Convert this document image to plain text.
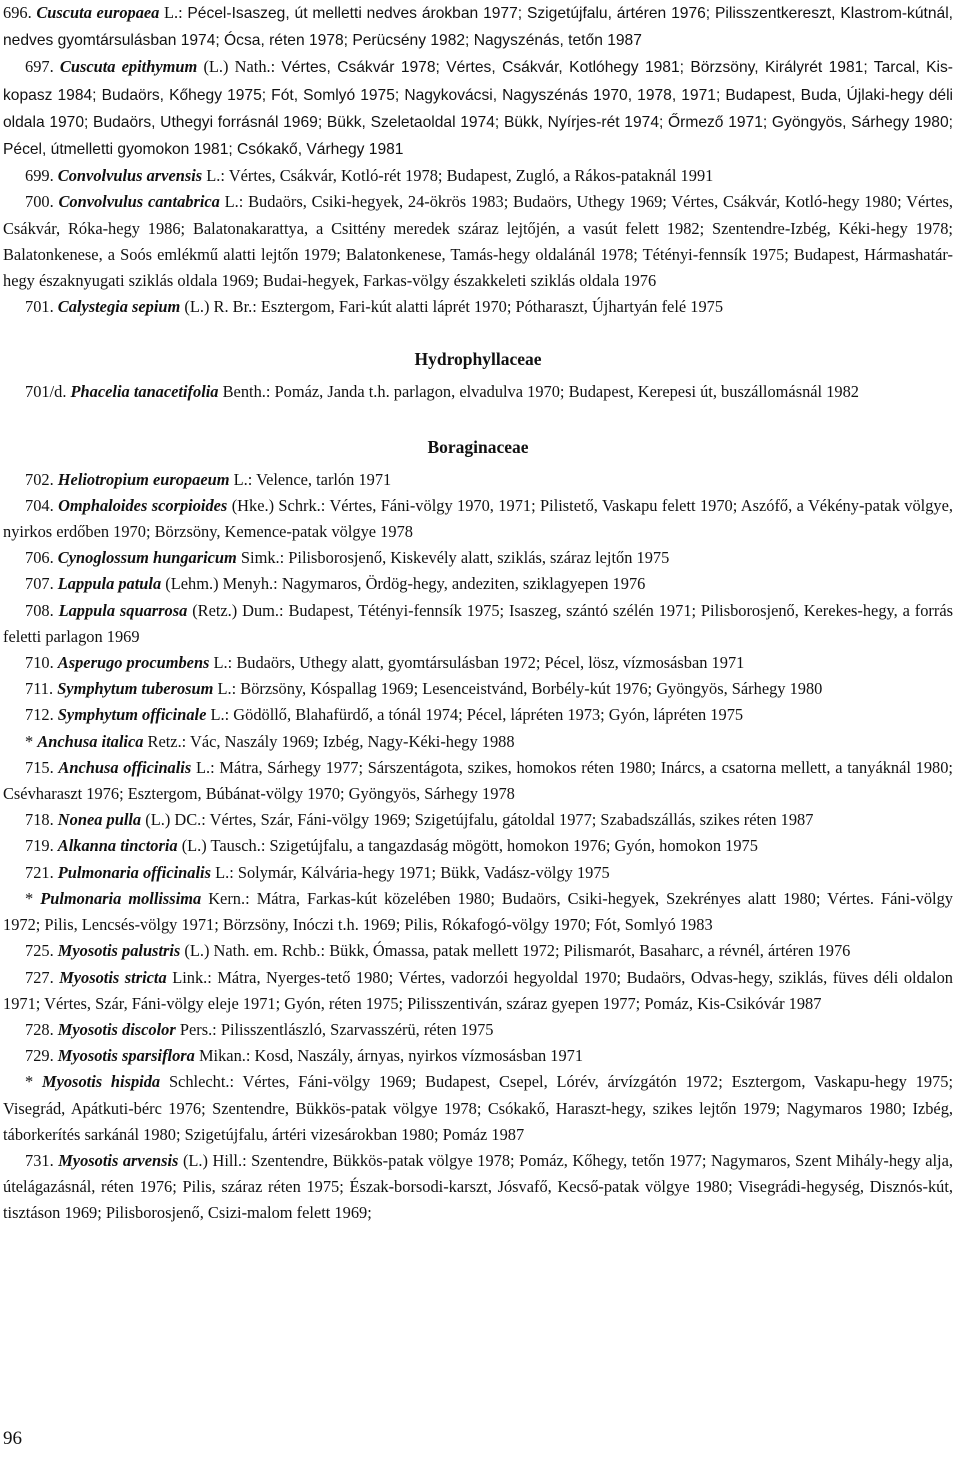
696. Cuscuta europaea L.: Pécel-Isaszeg, út melletti nedves árokban 1977; Szigetújfalu, ártéren 1976; Pilisszentkereszt, Klastrom-kútnál, nedves gyomtársulásban 1974; Ócsa, réten 1978; Perücsény 1982; Nagyszénás, tetőn 1987

697. Cuscuta epithymum (L.) Nath.: Vértes, Csákvár 1978; Vértes, Csákvár, Kotlóhegy 1981; Börzsöny, Királyrét 1981; Tarcal, Kis-kopasz 1984; Budaörs, Kőhegy 1975; Fót, Somlyó 1975; Nagykovácsi, Nagyszénás 1970, 1978, 1971; Budapest, Buda, Újlaki-hegy déli oldala 1970; Budaörs, Uthegyi forrásnál 1969; Bükk, Szeletaoldal 1974; Bükk, Nyírjes-rét 1974; Őrmező 1971; Gyöngyös, Sárhegy 1980; Pécel, útmelletti gyomokon 1981; Csókakő, Várhegy 1981

699. Convolvulus arvensis L.: Vértes, Csákvár, Kotló-rét 1978; Budapest, Zugló, a Rákos-pataknál 1991

700. Convolvulus cantabrica L.: Budaörs, Csiki-hegyek, 24-ökrös 1983; Budaörs, Uthegy 1969; Vértes, Csákvár, Kotló-hegy 1980; Vértes, Csákvár, Róka-hegy 1986; Balatonakarattya, a Csittény meredek száraz lejtőjén, a vasút felett 1982; Szentendre-Izbég, Kéki-hegy 1978; Balatonkenese, a Soós emlékmű alatti lejtőn 1979; Balatonkenese, Tamás-hegy oldalánál 1978; Tétényi-fennsík 1975; Budapest, Hármashatár-hegy északnyugati sziklás oldala 1969; Budai-hegyek, Farkas-völgy északkeleti sziklás oldala 1976

701. Calystegia sepium (L.) R. Br.: Esztergom, Fari-kút alatti láprét 1970; Pótharaszt, Újhartyán felé 1975

Hydrophyllaceae

701/d. Phacelia tanacetifolia Benth.: Pomáz, Janda t.h. parlagon, elvadulva 1970; Budapest, Kerepesi út, buszállomásnál 1982

Boraginaceae

702. Heliotropium europaeum L.: Velence, tarlón 1971

704. Omphaloides scorpioides (Hke.) Schrk.: Vértes, Fáni-völgy 1970, 1971; Pilistető, Vaskapu felett 1970; Aszófő, a Vékény-patak völgye, nyirkos erdőben 1970; Börzsöny, Kemence-patak völgye 1978

706. Cynoglossum hungaricum Simk.: Pilisborosjenő, Kiskevély alatt, sziklás, száraz lejtőn 1975

707. Lappula patula (Lehm.) Menyh.: Nagymaros, Ördög-hegy, andeziten, sziklagyepen 1976

708. Lappula squarrosa (Retz.) Dum.: Budapest, Tétényi-fennsík 1975; Isaszeg, szántó szélén 1971; Pilisborosjenő, Kerekes-hegy, a forrás feletti parlagon 1969

710. Asperugo procumbens L.: Budaörs, Uthegy alatt, gyomtársulásban 1972; Pécel, lösz, vízmosásban 1971

711. Symphytum tuberosum L.: Börzsöny, Kóspallag 1969; Lesenceistvánd, Borbély-kút 1976; Gyöngyös, Sárhegy 1980

712. Symphytum officinale L.: Gödöllő, Blahafürdő, a tónál 1974; Pécel, lápréten 1973; Gyón, lápréten 1975

* Anchusa italica Retz.: Vác, Naszály 1969; Izbég, Nagy-Kéki-hegy 1988

715. Anchusa officinalis L.: Mátra, Sárhegy 1977; Sárszentágota, szikes, homokos réten 1980; Inárcs, a csatorna mellett, a tanyáknál 1980; Csévharaszt 1976; Esztergom, Búbánat-völgy 1970; Gyöngyös, Sárhegy 1978

718. Nonea pulla (L.) DC.: Vértes, Szár, Fáni-völgy 1969; Szigetújfalu, gátoldal 1977; Szabadszállás, szikes réten 1987

719. Alkanna tinctoria (L.) Tausch.: Szigetújfalu, a tangazdaság mögött, homokon 1976; Gyón, homokon 1975

721. Pulmonaria officinalis L.: Solymár, Kálvária-hegy 1971; Bükk, Vadász-völgy 1975

* Pulmonaria mollissima Kern.: Mátra, Farkas-kút közelében 1980; Budaörs, Csiki-hegyek, Szekrényes alatt 1980; Vértes. Fáni-völgy 1972; Pilis, Lencsés-völgy 1971; Börzsöny, Inóczi t.h. 1969; Pilis, Rókafogó-völgy 1970; Fót, Somlyó 1983

725. Myosotis palustris (L.) Nath. em. Rchb.: Bükk, Ómassa, patak mellett 1972; Pilismarót, Basaharc, a révnél, ártéren 1976

727. Myosotis stricta Link.: Mátra, Nyerges-tető 1980; Vértes, vadorzói hegyoldal 1970; Budaörs, Odvas-hegy, sziklás, füves déli oldalon 1971; Vértes, Szár, Fáni-völgy eleje 1971; Gyón, réten 1975; Pilisszentiván, száraz gyepen 1977; Pomáz, Kis-Csikóvár 1987

728. Myosotis discolor Pers.: Pilisszentlászló, Szarvasszérü, réten 1975

729. Myosotis sparsiflora Mikan.: Kosd, Naszály, árnyas, nyirkos vízmosásban 1971

* Myosotis hispida Schlecht.: Vértes, Fáni-völgy 1969; Budapest, Csepel, Lórév, árvízgátón 1972; Esztergom, Vaskapu-hegy 1975; Visegrád, Apátkuti-bérc 1976; Szentendre, Bükkös-patak völgye 1978; Csókakő, Haraszt-hegy, szikes lejtőn 1979; Nagymaros 1980; Izbég, táborkerítés sarkánál 1980; Szigetújfalu, ártéri vizesárokban 1980; Pomáz 1987

731. Myosotis arvensis (L.) Hill.: Szentendre, Bükkös-patak völgye 1978; Pomáz, Kőhegy, tetőn 1977; Nagymaros, Szent Mihály-hegy alja, útelágazásnál, réten 1976; Pilis, száraz réten 1975; Észak-borsodi-karszt, Jósvafő, Kecső-patak völgye 1980; Visegrádi-hegység, Disznós-kút, tisztáson 1969; Pilisborosjenő, Csizi-malom felett 1969;

96
